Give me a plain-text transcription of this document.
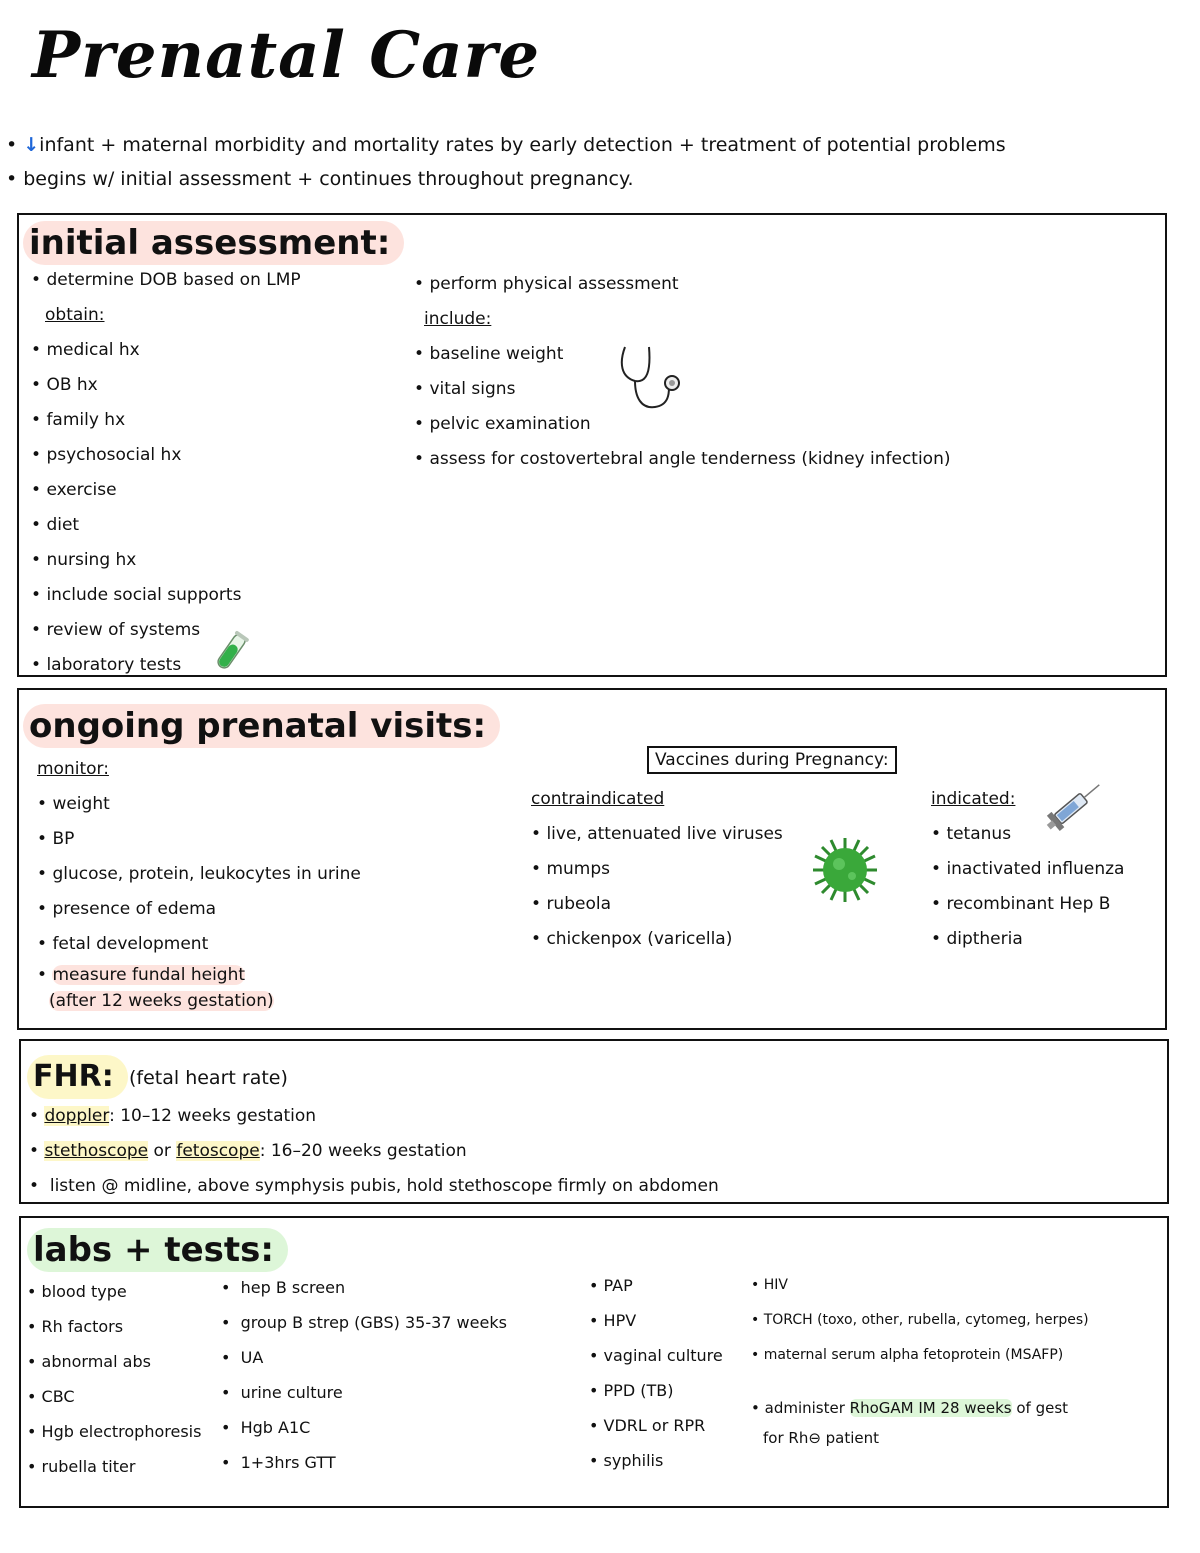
Prenatal Care
• ↓infant + maternal morbidity and mortality rates by early detection + treatment of potential problems
• begins w/ initial assessment + continues throughout pregnancy.
initial assessment:
• determine DOB based on LMP
obtain:
• medical hx
• OB hx
• family hx
• psychosocial hx
• exercise
• diet
• nursing hx
• include social supports
• review of systems
• laboratory tests
• perform physical assessment
include:
• baseline weight
• vital signs
• pelvic examination
• assess for costovertebral angle tenderness (kidney infection)
ongoing prenatal visits:
monitor:
• weight
• BP
• glucose, protein, leukocytes in urine
• presence of edema
• fetal development
• measure fundal height
(after 12 weeks gestation)
Vaccines during Pregnancy:
contraindicated
• live, attenuated live viruses
• mumps
• rubeola
• chickenpox (varicella)
indicated:
• tetanus
• inactivated influenza
• recombinant Hep B
• diptheria
FHR: (fetal heart rate)
• doppler: 10–12 weeks gestation
• stethoscope or fetoscope: 16–20 weeks gestation
•  listen @ midline, above symphysis pubis, hold stethoscope firmly on abdomen
labs + tests:
• blood type
• Rh factors
• abnormal abs
• CBC
• Hgb electrophoresis
• rubella titer
•  hep B screen
•  group B strep (GBS) 35-37 weeks
•  UA
•  urine culture
•  Hgb A1C
•  1+3hrs GTT
• PAP
• HPV
• vaginal culture
• PPD (TB)
• VDRL or RPR
• syphilis
• HIV
• TORCH (toxo, other, rubella, cytomeg, herpes)
• maternal serum alpha fetoprotein (MSAFP)

• administer RhoGAM IM 28 weeks of gest
for Rh⊖ patient
